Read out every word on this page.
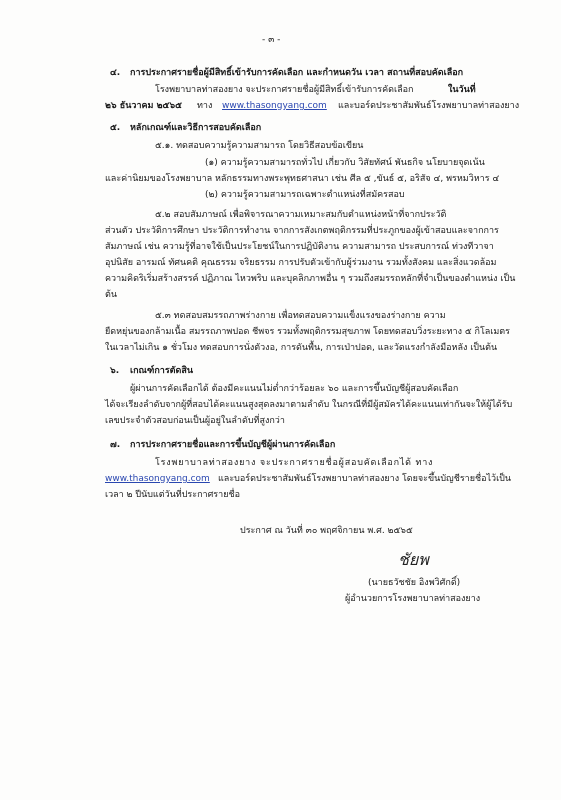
- ๓ -
๔. การประกาศรายชื่อผู้มีสิทธิ์เข้ารับการคัดเลือก และกำหนดวัน เวลา สถานที่สอบคัดเลือก
โรงพยาบาลท่าสองยาง จะประกาศรายชื่อผู้มีสิทธิ์เข้ารับการคัดเลือก	ในวันที่
๒๖ ธันวาคม ๒๕๖๕ ทาง www.thasongyang.com และบอร์ดประชาสัมพันธ์โรงพยาบาลท่าสองยาง
๕. หลักเกณฑ์และวิธีการสอบคัดเลือก
๕.๑. ทดสอบความรู้ความสามารถ โดยวิธีสอบข้อเขียน
(๑) ความรู้ความสามารถทั่วไป เกี่ยวกับ วิสัยทัศน์ พันธกิจ นโยบายจุดเน้น
และค่านิยมของโรงพยาบาล หลักธรรมทางพระพุทธศาสนา เช่น ศีล ๕ ,ขันธ์ ๕, อริสัจ ๔, พรหมวิหาร ๔
(๒) ความรู้ความสามารถเฉพาะตำแหน่งที่สมัครสอบ
๕.๒ สอบสัมภาษณ์ เพื่อพิจารณาความเหมาะสมกับตำแหน่งหน้าที่จากประวัติ
ส่วนตัว ประวัติการศึกษา ประวัติการทำงาน จากการสังเกตพฤติกรรมที่ประภูกของผู้เข้าสอบและจากการ
สัมภาษณ์ เช่น ความรู้ที่อาจใช้เป็นประโยชน์ในการปฏิบัติงาน ความสามารถ ประสบการณ์ ท่วงทีวาจา
อุปนิสัย อารมณ์ ทัศนคติ คุณธรรม จริยธรรม การปรับตัวเข้ากับผู้ร่วมงาน รวมทั้งสังคม และสิ่งแวดล้อม
ความคิดริเริ่มสร้างสรรค์ ปฏิภาณ ไหวพริบ และบุคลิกภาพอื่น ๆ รวมถึงสมรรถหลักที่จำเป็นของตำแหน่ง เป็น
ต้น
๕.๓ ทดสอบสมรรถภาพร่างกาย เพื่อทดสอบความแข็งแรงของร่างกาย ความ
ยืดหยุ่นของกล้ามเนื้อ สมรรถภาพปอด ชีพจร รวมทั้งพฤติกรรมสุขภาพ โดยทดสอบวิ่งระยะทาง ๕ กิโลเมตร
ในเวลาไม่เกิน ๑ ชั่วโมง ทดสอบการนั่งตัวงอ, การดันพื้น, การเป่าปอด, และวัดแรงกำลังมือหลัง เป็นต้น
๖. เกณฑ์การตัดสิน
ผู้ผ่านการคัดเลือกได้ ต้องมีคะแนนไม่ต่ำกว่าร้อยละ ๖๐ และการขึ้นบัญชีผู้สอบคัดเลือก
ได้จะเรียงลำดับจากผู้ที่สอบได้คะแนนสูงสุดลงมาตามลำดับ ในกรณีที่มีผู้สมัครได้คะแนนเท่ากันจะให้ผู้ได้รับ
เลขประจำตัวสอบก่อนเป็นผู้อยู่ในลำดับที่สูงกว่า
๗. การประกาศรายชื่อและการขึ้นบัญชีผู้ผ่านการคัดเลือก
โรงพยาบาลท่าสองยาง จะประกาศรายชื่อผู้สอบคัดเลือกได้ ทาง
www.thasongyang.com และบอร์ดประชาสัมพันธ์โรงพยาบาลท่าสองยาง โดยจะขึ้นบัญชีรายชื่อไว้เป็น
เวลา ๒ ปีนับแต่วันที่ประกาศรายชื่อ
ประกาศ ณ วันที่ ๓๐ พฤศจิกายน พ.ศ. ๒๕๖๕
ชัยพ
(นายธวัชชัย อิงพวิศักดิ์)
ผู้อำนวยการโรงพยาบาลท่าสองยาง
